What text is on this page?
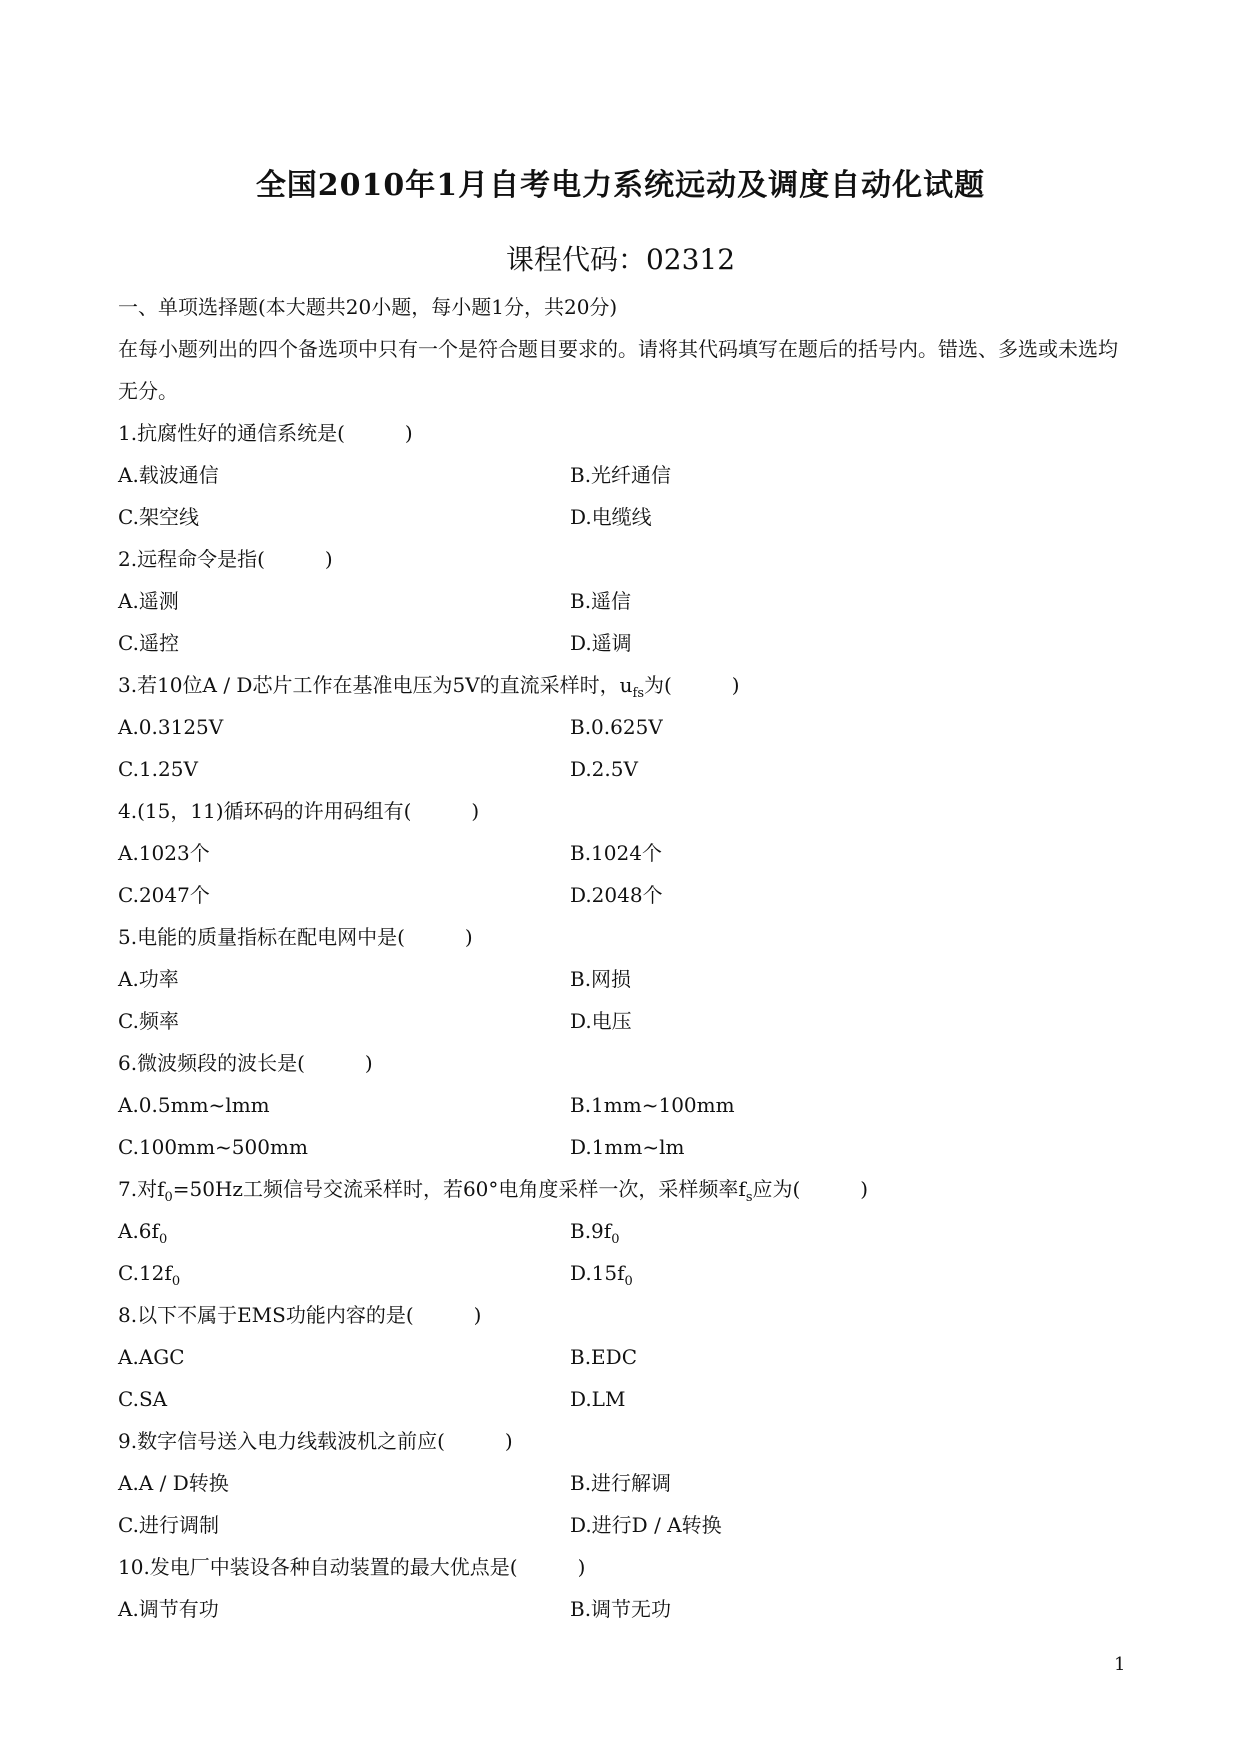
全国2010年1月自考电力系统远动及调度自动化试题
课程代码：02312
一、单项选择题(本大题共20小题，每小题1分，共20分)
在每小题列出的四个备选项中只有一个是符合题目要求的。请将其代码填写在题后的括号内。错选、多选或未选均无分。
1.抗腐性好的通信系统是(　　　)
A.载波通信	B.光纤通信
C.架空线	D.电缆线
2.远程命令是指(　　　)
A.遥测	B.遥信
C.遥控	D.遥调
3.若10位A / D芯片工作在基准电压为5V的直流采样时，$u_{fs}$为(　　　)
A.0.3125V	B.0.625V
C.1.25V	D.2.5V
4.(15，11)循环码的许用码组有(　　　)
A.1023个	B.1024个
C.2047个	D.2048个
5.电能的质量指标在配电网中是(　　　)
A.功率	B.网损
C.频率	D.电压
6.微波频段的波长是(　　　)
A.0.5mm~lmm	B.1mm~100mm
C.100mm~500mm	D.1mm~lm
7.对$f_0=50Hz$工频信号交流采样时，若60°电角度采样一次，采样频率$f_s$应为(　　　)
$A.6f_0$	$B.9f_0$
$C.12f_0$	$D.15f_0$
8.以下不属于EMS功能内容的是(　　　)
A.AGC	B.EDC
C.SA	D.LM
9.数字信号送入电力线载波机之前应(　　　)
A.A / D转换	B.进行解调
C.进行调制	D.进行D / A转换
10.发电厂中装设各种自动装置的最大优点是(　　　)
A.调节有功	B.调节无功
1
